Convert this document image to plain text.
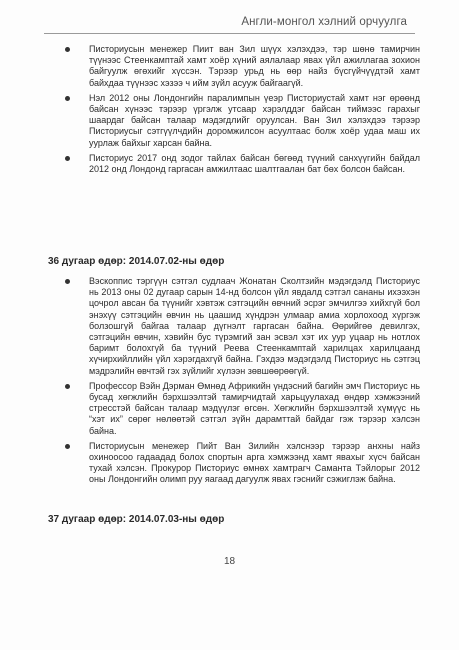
Англи-монгол хэлний орчуулга
Писториусын менежер Пиит ван Зил шүүх хэлэхдээ, тэр шөнө тамирчин түүнээс Стеенкамптай хамт хоёр хүний аялалаар явах үйл ажиллагаа зохион байгуулж өгөхийг хүссэн. Тэрээр урьд нь өөр найз бүсгүйчүүдтэй хамт байхдаа түүнээс хэзээ ч ийм зүйл асууж байгаагүй.
Нэл 2012 оны Лондонгийн паралимпын үеэр Писториустай хамт нэг өрөөнд байсан хүнээс тэрээр үргэлж утсаар хэрэлддэг байсан тиймээс гарахыг шаардаг байсан талаар мэдэгдлийг оруулсан. Ван Зил хэлэхдээ тэрээр Писториусыг сэтгүүлчдийн доромжилсон асуултаас болж хоёр удаа маш их уурлаж байхыг харсан байна.
Писториус 2017 онд зодог тайлах байсан бөгөөд түүний санхүүгийн байдал 2012 онд Лондонд гаргасан амжилтаас шалтгаалан бат бөх болсон байсан.
36 дугаар өдөр: 2014.07.02-ны өдөр
Вэскоппис тэргүүн сэтгэл судлаач Жонатан Сколтзийн мэдэгдэлд Писториус нь 2013 оны 02 дугаар сарын 14-нд болсон үйл явдалд сэтгэл сананы ихээхэн цочрол авсан ба түүнийг хэвтэж сэтгэцийн өвчний эсрэг эмчилгээ хийхгүй бол энэхүү сэтгэцийн өвчин нь цаашид хүндрэн улмаар амиа хорлохоод хүргэж болзошгүй байгаа талаар дүгнэлт гаргасан байна. Өөрийгөө девилгэх, сэтгэцийн өвчин, хэвийн бус түрэмгий зан эсвэл хэт их уур уцаар нь нотлох баримт болохгүй ба түүний Реева Стеенкамптай харилцах харилцаанд хүчирхийллийн үйл хэрэгдахгүй байна. Гэхдээ мэдэгдэлд Писториус нь сэтгэц мэдрэлийн өвчтэй гэх зүйлийг хүлээн зөвшөөрөөгүй.
Профессор Вэйн Дэрман Өмнөд Африкийн үндэсний багийн эмч Писториус нь бусад хөгжлийн бэрхшээлтэй тамирчидтай харьцуулахад өндөр хэмжээний стресстэй байсан талаар мэдүүлэг өгсөн. Хөгжлийн бэрхшээлтэй хүмүүс нь “хэт их” сөрөг нөлөөтэй сэтгэл зүйн дарамттай байдаг гэж тэрээр хэлсэн байна.
Писториусын менежер Пийт Ван Зилийн хэлснээр тэрээр анхны найз охиноосоо гадаадад болох спортын арга хэмжээнд хамт явахыг хүсч байсан тухай хэлсэн. Прокурор Писториус өмнөх хамтрагч Саманта Тэйлорыг 2012 оны Лондонгийн олимп руу яагаад дагуулж явах гэснийг сэжиглэж байна.
37 дугаар өдөр: 2014.07.03-ны өдөр
18
